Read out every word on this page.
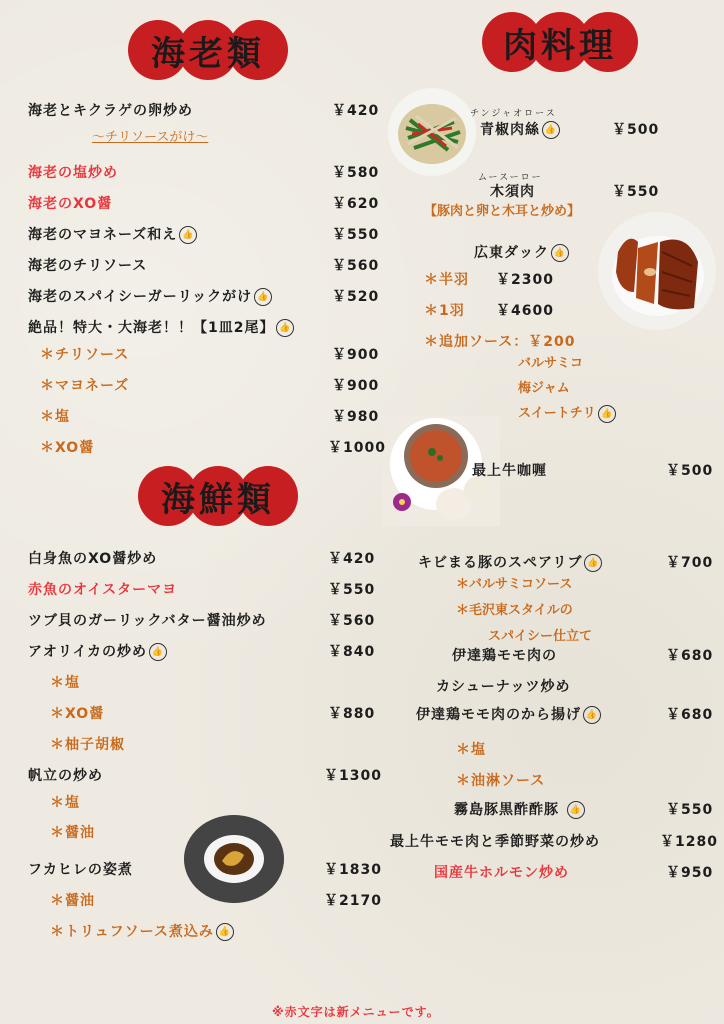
海老類	肉料理
海鮮類
海老とキクラゲの卵炒め	￥420
～チリソースがけ～
海老の塩炒め	￥580
海老のXO醤	￥620
海老のマヨネーズ和え 👍	￥550
海老のチリソース	￥560
海老のスパイシーガーリックがけ 👍	￥520
絶品！特大・大海老！！【1皿2尾】 👍
＊チリソース	￥900
＊マヨネーズ	￥900
＊塩	￥980
＊XO醤	￥1000
チンジャオロース
青椒肉絲 👍	￥500
ムースーロー
木須肉	￥550
【豚肉と卵と木耳と炒め】
広東ダック 👍
＊半羽 ￥2300
＊1羽 ￥4600
＊追加ソース：￥200
バルサミコ
梅ジャム
スイートチリ 👍
最上牛咖喱	￥500
キビまる豚のスペアリブ 👍	￥700
＊バルサミコソース
＊毛沢東スタイルの
スパイシー仕立て
伊達鶏モモ肉の	￥680
カシューナッツ炒め
伊達鶏モモ肉のから揚げ 👍	￥680
＊塩
＊油淋ソース
霧島豚黒酢酢豚 👍	￥550
最上牛モモ肉と季節野菜の炒め	￥1280
国産牛ホルモン炒め	￥950
白身魚のXO醤炒め	￥420
赤魚のオイスターマヨ	￥550
ツブ貝のガーリックバター醤油炒め	￥560
アオリイカの炒め 👍	￥840
＊塩
＊XO醤	￥880
＊柚子胡椒
帆立の炒め	￥1300
＊塩
＊醤油
フカヒレの姿煮	￥1830
＊醤油	￥2170
＊トリュフソース煮込み 👍
※赤文字は新メニューです。
